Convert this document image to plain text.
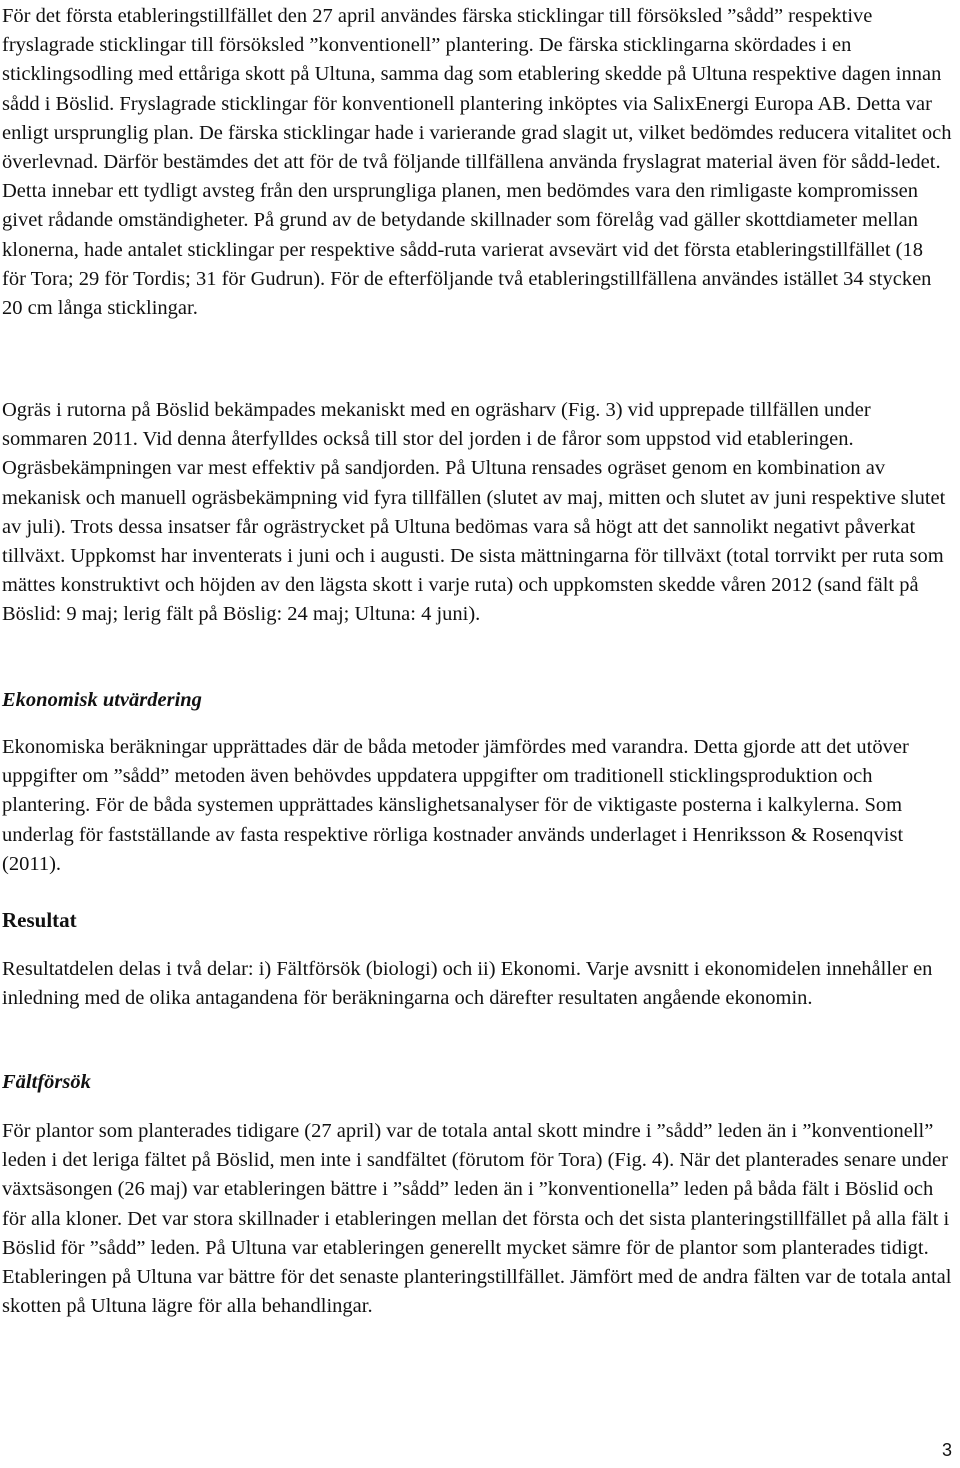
För det första etableringstillfället den 27 april användes färska sticklingar till försöksled ”sådd” respektive fryslagrade sticklingar till försöksled ”konventionell” plantering. De färska sticklingarna skördades i en sticklingsodling med ettåriga skott på Ultuna, samma dag som etablering skedde på Ultuna respektive dagen innan sådd i Böslid. Fryslagrade sticklingar för konventionell plantering inköptes via SalixEnergi Europa AB. Detta var enligt ursprunglig plan. De färska sticklingar hade i varierande grad slagit ut, vilket bedömdes reducera vitalitet och överlevnad. Därför bestämdes det att för de två följande tillfällena använda fryslagrat material även för sådd-ledet. Detta innebar ett tydligt avsteg från den ursprungliga planen, men bedömdes vara den rimligaste kompromissen givet rådande omständigheter. På grund av de betydande skillnader som förelåg vad gäller skottdiameter mellan klonerna, hade antalet sticklingar per respektive sådd-ruta varierat avsevärt vid det första etableringstillfället (18 för Tora; 29 för Tordis; 31 för Gudrun). För de efterföljande två etableringstillfällena användes istället 34 stycken 20 cm långa sticklingar.

Ogräs i rutorna på Böslid bekämpades mekaniskt med en ogräsharv (Fig. 3) vid upprepade tillfällen under sommaren 2011. Vid denna återfylldes också till stor del jorden i de fåror som uppstod vid etableringen. Ogräsbekämpningen var mest effektiv på sandjorden. På Ultuna rensades ogräset genom en kombination av mekanisk och manuell ogräsbekämpning vid fyra tillfällen (slutet av maj, mitten och slutet av juni respektive slutet av juli). Trots dessa insatser får ogrästrycket på Ultuna bedömas vara så högt att det sannolikt negativt påverkat tillväxt. Uppkomst har inventerats i juni och i augusti. De sista mättningarna för tillväxt (total torrvikt per ruta som mättes konstruktivt och höjden av den lägsta skott i varje ruta) och uppkomsten skedde våren 2012 (sand fält på Böslid: 9 maj; lerig fält på Böslig: 24 maj; Ultuna: 4 juni).

Ekonomisk utvärdering

Ekonomiska beräkningar upprättades där de båda metoder jämfördes med varandra. Detta gjorde att det utöver uppgifter om ”sådd” metoden även behövdes uppdatera uppgifter om traditionell sticklingsproduktion och plantering. För de båda systemen upprättades känslighetsanalyser för de viktigaste posterna i kalkylerna. Som underlag för fastställande av fasta respektive rörliga kostnader används underlaget i Henriksson & Rosenqvist (2011).

Resultat

Resultatdelen delas i två delar: i) Fältförsök (biologi) och ii) Ekonomi. Varje avsnitt i ekonomidelen innehåller en inledning med de olika antagandena för beräkningarna och därefter resultaten angående ekonomin.

Fältförsök

För plantor som planterades tidigare (27 april) var de totala antal skott mindre i ”sådd” leden än i ”konventionell” leden i det leriga fältet på Böslid, men inte i sandfältet (förutom för Tora) (Fig. 4). När det planterades senare under växtsäsongen (26 maj) var etableringen bättre i ”sådd” leden än i ”konventionella” leden på båda fält i Böslid och för alla kloner. Det var stora skillnader i etableringen mellan det första och det sista planteringstillfället på alla fält i Böslid för ”sådd” leden. På Ultuna var etableringen generellt mycket sämre för de plantor som planterades tidigt. Etableringen på Ultuna var bättre för det senaste planteringstillfället. Jämfört med de andra fälten var de totala antal skotten på Ultuna lägre för alla behandlingar.

3
